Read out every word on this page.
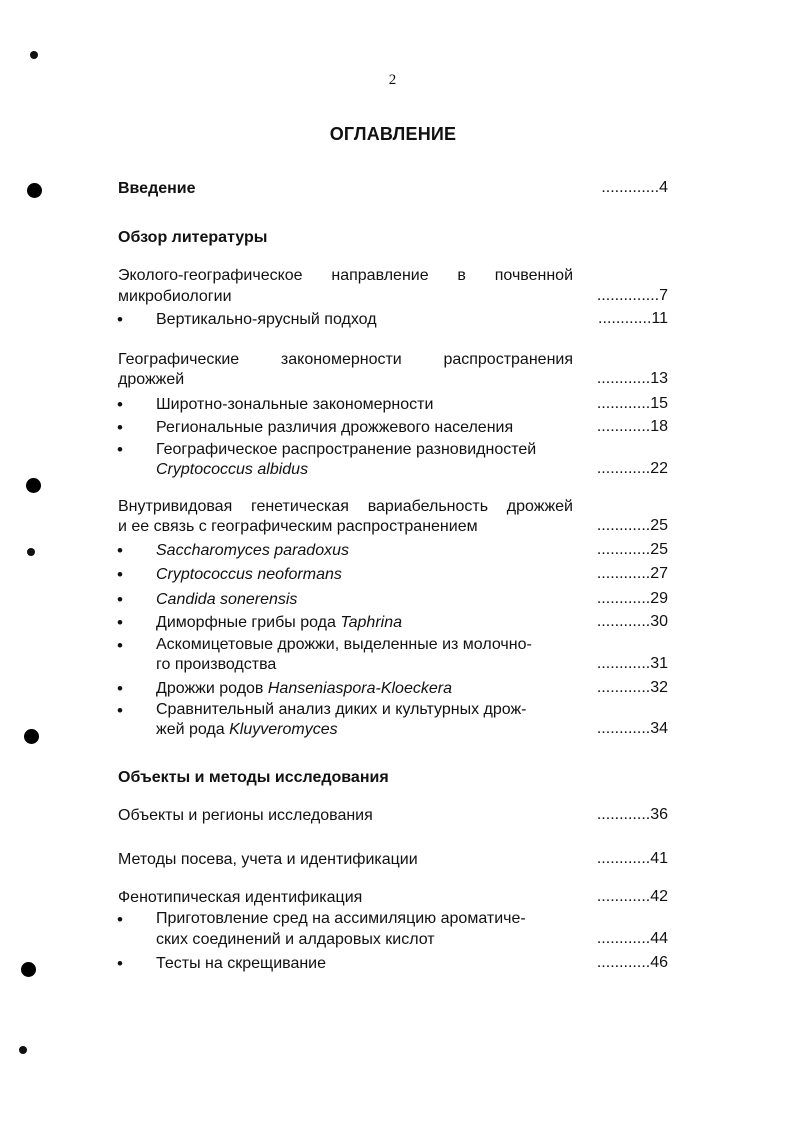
2
ОГЛАВЛЕНИЕ
Введение	.............4
Обзор литературы
Эколого-географическое направление в почвенной
микробиологии	..............7
• Вертикально-ярусный подход	............11
Географические закономерности распространения
дрожжей	............13
• Широтно-зональные закономерности	............15
• Региональные различия дрожжевого населения	............18
• Географическое распространение разновидностей
Cryptococcus albidus	............22
Внутривидовая генетическая вариабельность дрожжей
и ее связь с географическим распространением	............25
• Saccharomyces paradoxus	............25
• Cryptococcus neoformans	............27
• Candida sonerensis	............29
• Диморфные грибы рода Taphrina	............30
• Аскомицетовые дрожжи, выделенные из молочно-
го производства	............31
• Дрожжи родов Hanseniaspora-Kloeckera	............32
• Сравнительный анализ диких и культурных дрож-
жей рода Kluyveromyces	............34
Объекты и методы исследования
Объекты и регионы исследования	............36
Методы посева, учета и идентификации	............41
Фенотипическая идентификация	............42
• Приготовление сред на ассимиляцию ароматиче-
ских соединений и алдаровых кислот	............44
• Тесты на скрещивание	............46
